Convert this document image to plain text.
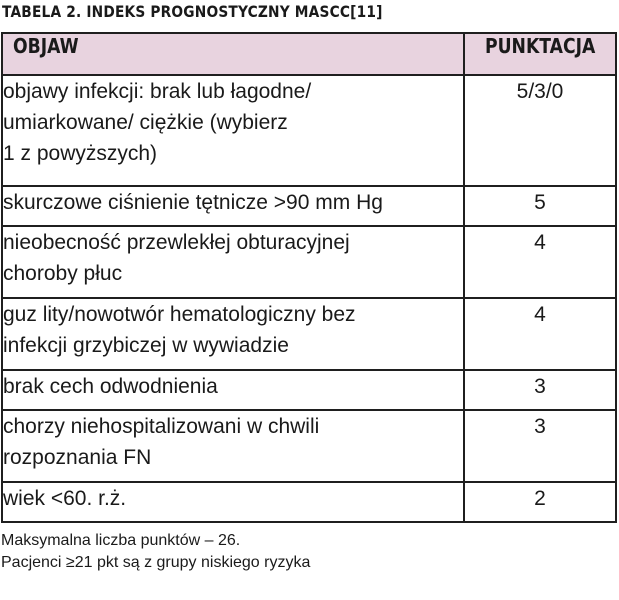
TABELA 2. INDEKS PROGNOSTYCZNY MASCC[11]
OBJAW	PUNKTACJA
objawy infekcji: brak lub łagodne/
umiarkowane/ ciężkie (wybierz
1 z powyższych)	5/3/0
skurczowe ciśnienie tętnicze >90 mm Hg	5
nieobecność przewlekłej obturacyjnej
choroby płuc	4
guz lity/nowotwór hematologiczny bez
infekcji grzybiczej w wywiadzie	4
brak cech odwodnienia	3
chorzy niehospitalizowani w chwili
rozpoznania FN	3
wiek <60. r.ż.	2
Maksymalna liczba punktów – 26.
Pacjenci ≥21 pkt są z grupy niskiego ryzyka
